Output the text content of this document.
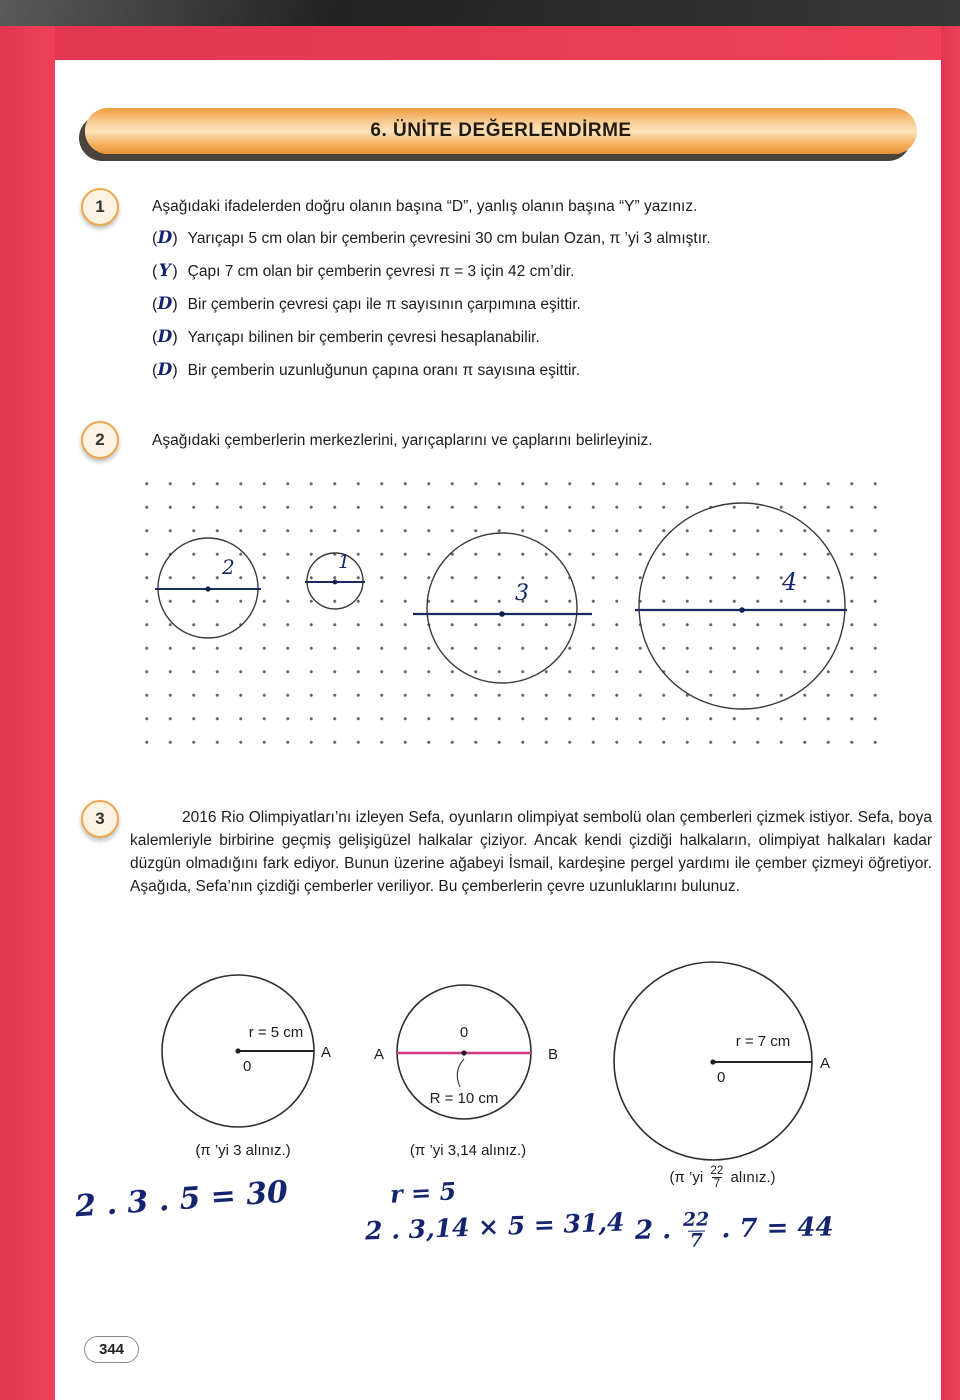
6. ÜNİTE DEĞERLENDİRME
1	Aşağıdaki ifadelerden doğru olanın başına “D”, yanlış olanın başına “Y” yazınız.
(D) Yarıçapı 5 cm olan bir çemberin çevresini 30 cm bulan Ozan, π ’yi 3 almıştır.
(Y) Çapı 7 cm olan bir çemberin çevresi π = 3 için 42 cm’dir.
(D) Bir çemberin çevresi çapı ile π sayısının çarpımına eşittir.
(D) Yarıçapı bilinen bir çemberin çevresi hesaplanabilir.
(D) Bir çemberin uzunluğunun çapına oranı π sayısına eşittir.
2	Aşağıdaki çemberlerin merkezlerini, yarıçaplarını ve çaplarını belirleyiniz.
2	1
3	4
3	2016 Rio Olimpiyatları’nı izleyen Sefa, oyunların olimpiyat sembolü olan çemberleri çizmek istiyor. Sefa, boya kalemleriyle birbirine geçmiş gelişigüzel halkalar çiziyor. Ancak kendi çizdiği halkaların, olimpiyat halkaları kadar düzgün olmadığını fark ediyor. Bunun üzerine ağabeyi İsmail, kardeşine pergel yardımı ile çember çizmeyi öğretiyor. Aşağıda, Sefa’nın çizdiği çemberler veriliyor. Bu çemberlerin çevre uzunluklarını bulunuz.
r = 5 cm
0
A
(π ’yi 3 alınız.)
A
0
B
R = 10 cm
(π ’yi 3,14 alınız.)
r = 7 cm
0
A
(π ’yi $\frac{22}{7}$ alınız.)
2 . 3 . 5 = 30	r = 5
2 . 3,14 × 5 = 31,4 2 . $\frac{22}{7}$ . 7 = 44
344
